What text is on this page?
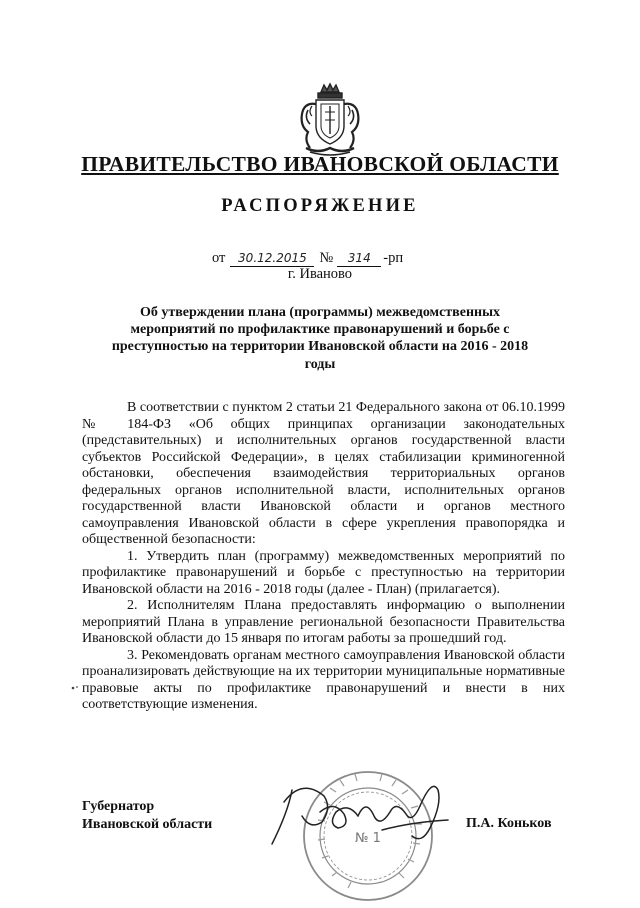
ПРАВИТЕЛЬСТВО ИВАНОВСКОЙ ОБЛАСТИ
РАСПОРЯЖЕНИЕ
от 30.12.2015 № 314 -рп
г. Иваново
Об утверждении плана (программы) межведомственных мероприятий по профилактике правонарушений и борьбе с преступностью на территории Ивановской области на 2016 - 2018 годы

В соответствии с пунктом 2 статьи 21 Федерального закона от 06.10.1999 № 184-ФЗ «Об общих принципах организации законодательных (представительных) и исполнительных органов государственной власти субъектов Российской Федерации», в целях стабилизации криминогенной обстановки, обеспечения взаимодействия территориальных органов федеральных органов исполнительной власти, исполнительных органов государственной власти Ивановской области и органов местного самоуправления Ивановской области в сфере укрепления правопорядка и общественной безопасности:

1. Утвердить план (программу) межведомственных мероприятий по профилактике правонарушений и борьбе с преступностью на территории Ивановской области на 2016 - 2018 годы (далее - План) (прилагается).

2. Исполнителям Плана предоставлять информацию о выполнении мероприятий Плана в управление региональной безопасности Правительства Ивановской области до 15 января по итогам работы за прошедший год.

3. Рекомендовать органам местного самоуправления Ивановской области проанализировать действующие на их территории муниципальные нормативные правовые акты по профилактике правонарушений и внести в них соответствующие изменения.

Губернатор
Ивановской области
№ 1
П.А. Коньков
